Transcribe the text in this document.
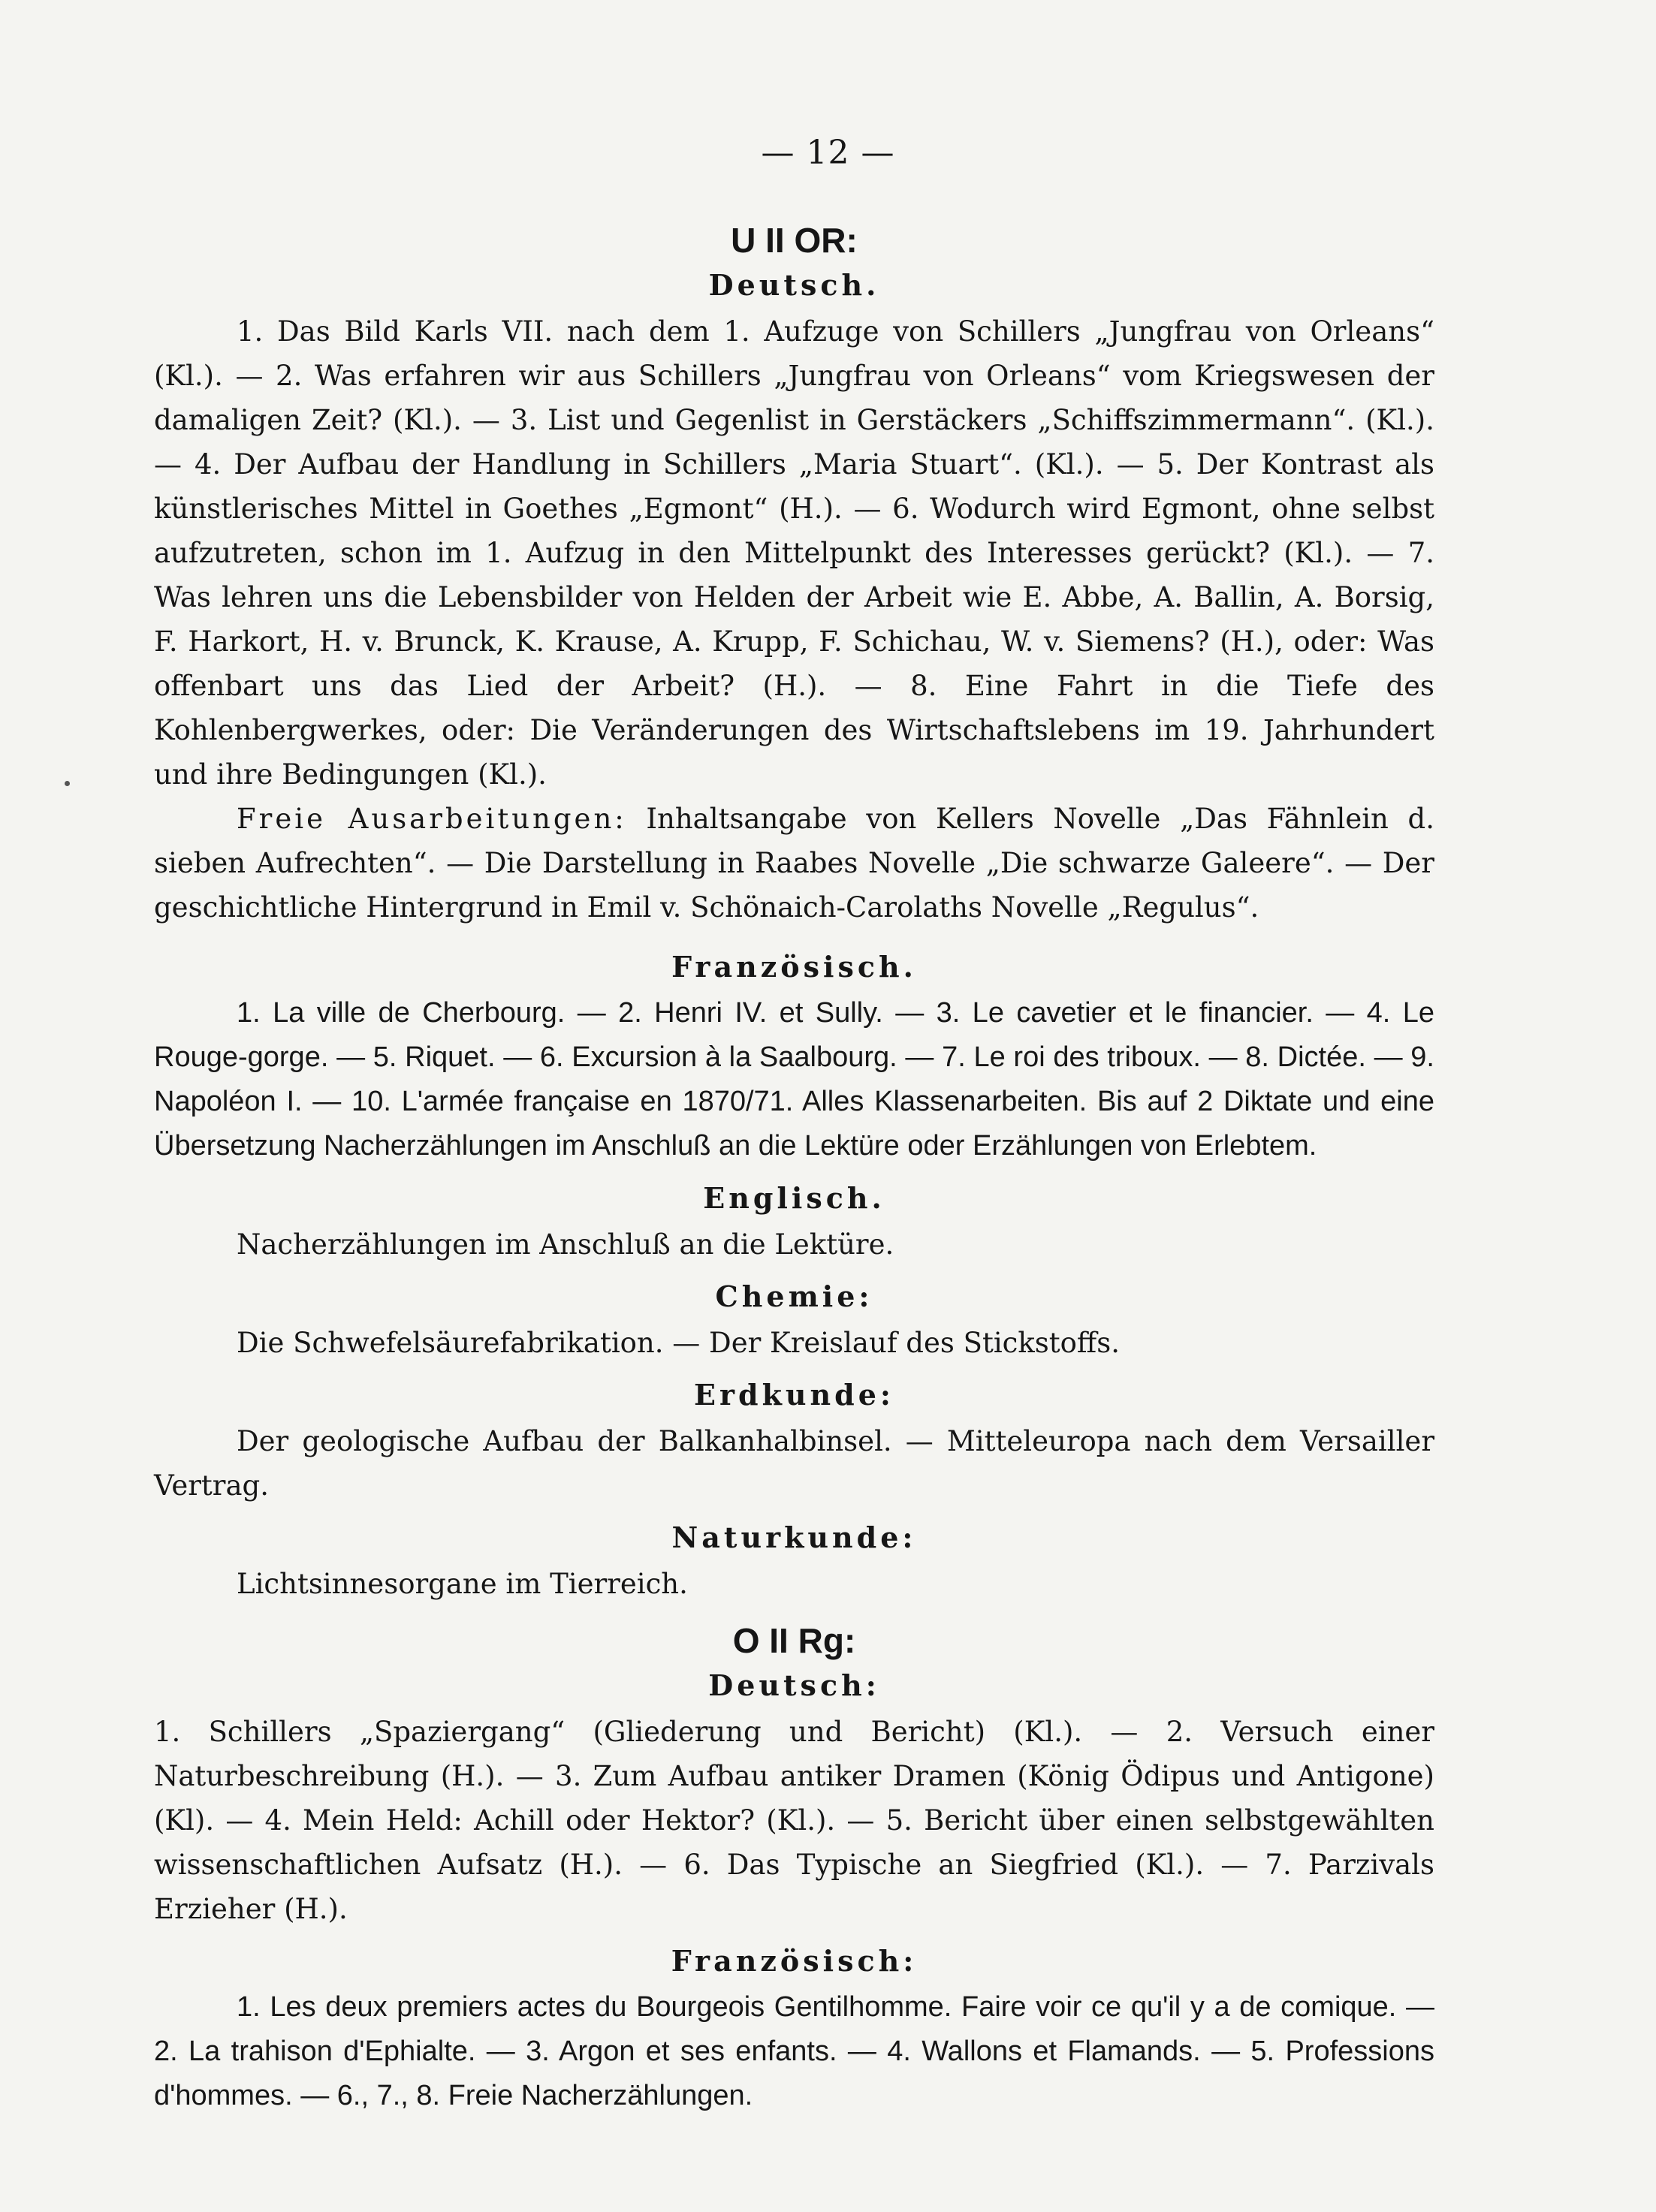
— 12 —
U II OR:
Deutsch.

1. Das Bild Karls VII. nach dem 1. Aufzuge von Schillers „Jungfrau von Orleans“ (Kl.). — 2. Was erfahren wir aus Schillers „Jungfrau von Orleans“ vom Kriegswesen der damaligen Zeit? (Kl.). — 3. List und Gegenlist in Gerstäckers „Schiffszimmermann“. (Kl.). — 4. Der Aufbau der Handlung in Schillers „Maria Stuart“. (Kl.). — 5. Der Kontrast als künstlerisches Mittel in Goethes „Egmont“ (H.). — 6. Wodurch wird Egmont, ohne selbst aufzutreten, schon im 1. Aufzug in den Mittelpunkt des Interesses gerückt? (Kl.). — 7. Was lehren uns die Lebensbilder von Helden der Arbeit wie E. Abbe, A. Ballin, A. Borsig, F. Harkort, H. v. Brunck, K. Krause, A. Krupp, F. Schichau, W. v. Siemens? (H.), oder: Was offenbart uns das Lied der Arbeit? (H.). — 8. Eine Fahrt in die Tiefe des Kohlenbergwerkes, oder: Die Veränderungen des Wirtschaftslebens im 19. Jahrhundert und ihre Bedingungen (Kl.).

Freie Ausarbeitungen: Inhaltsangabe von Kellers Novelle „Das Fähnlein d. sieben Aufrechten“. — Die Darstellung in Raabes Novelle „Die schwarze Galeere“. — Der geschichtliche Hintergrund in Emil v. Schönaich-Carolaths Novelle „Regulus“.

Französisch.

1. La ville de Cherbourg. — 2. Henri IV. et Sully. — 3. Le cavetier et le financier. — 4. Le Rouge-gorge. — 5. Riquet. — 6. Excursion à la Saalbourg. — 7. Le roi des triboux. — 8. Dictée. — 9. Napoléon I. — 10. L'armée française en 1870/71. Alles Klassenarbeiten. Bis auf 2 Diktate und eine Übersetzung Nacherzählungen im Anschluß an die Lektüre oder Erzählungen von Erlebtem.

Englisch.

Nacherzählungen im Anschluß an die Lektüre.

Chemie:

Die Schwefelsäurefabrikation. — Der Kreislauf des Stickstoffs.

Erdkunde:

Der geologische Aufbau der Balkanhalbinsel. — Mitteleuropa nach dem Versailler Vertrag.

Naturkunde:

Lichtsinnesorgane im Tierreich.

O II Rg:
Deutsch:

1. Schillers „Spaziergang“ (Gliederung und Bericht) (Kl.). — 2. Versuch einer Naturbeschreibung (H.). — 3. Zum Aufbau antiker Dramen (König Ödipus und Antigone) (Kl). — 4. Mein Held: Achill oder Hektor? (Kl.). — 5. Bericht über einen selbstgewählten wissenschaftlichen Aufsatz (H.). — 6. Das Typische an Siegfried (Kl.). — 7. Parzivals Erzieher (H.).

Französisch:

1. Les deux premiers actes du Bourgeois Gentilhomme. Faire voir ce qu'il y a de comique. — 2. La trahison d'Ephialte. — 3. Argon et ses enfants. — 4. Wallons et Flamands. — 5. Professions d'hommes. — 6., 7., 8. Freie Nacherzählungen.
